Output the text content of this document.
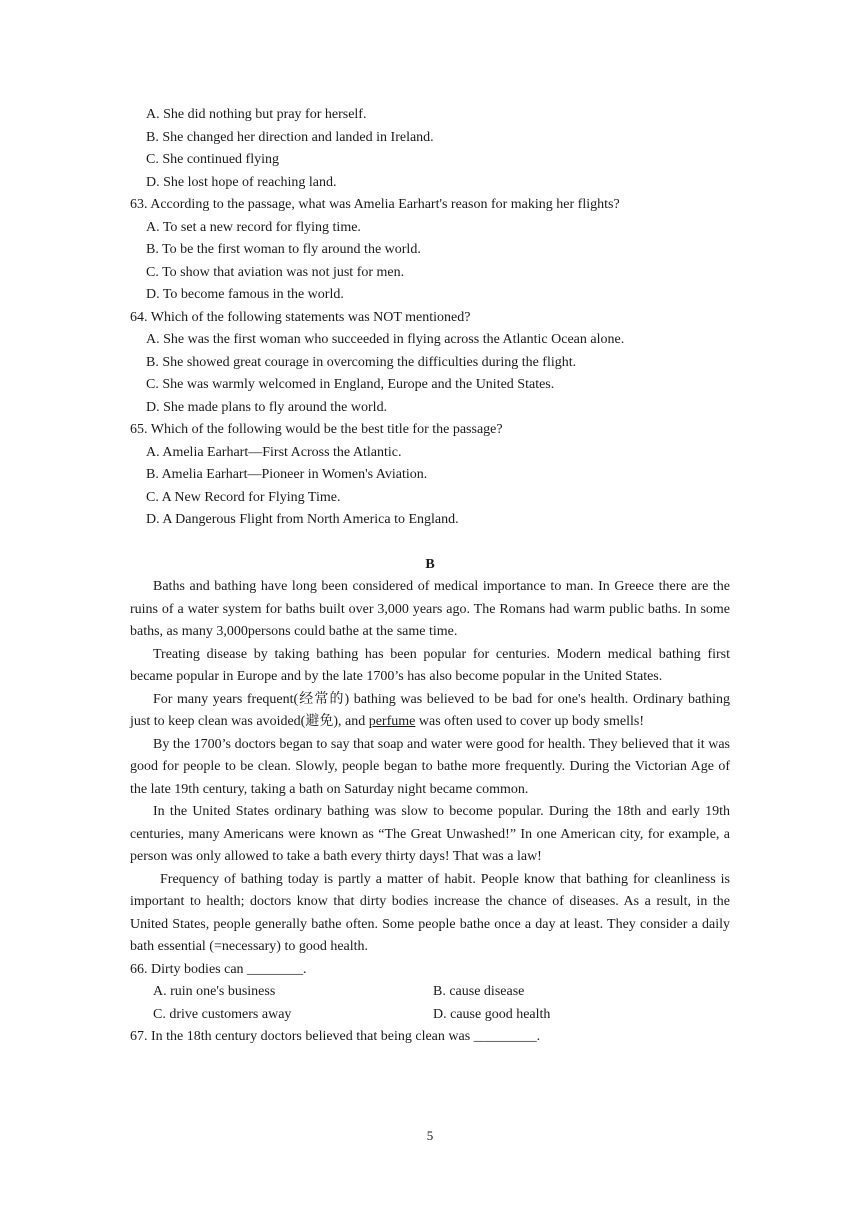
A. She did nothing but pray for herself.
B. She changed her direction and landed in Ireland.
C. She continued flying
D. She lost hope of reaching land.
63. According to the passage, what was Amelia Earhart's reason for making her flights?
A. To set a new record for flying time.
B. To be the first woman to fly around the world.
C. To show that aviation was not just for men.
D. To become famous in the world.
64. Which of the following statements was NOT mentioned?
A. She was the first woman who succeeded in flying across the Atlantic Ocean alone.
B. She showed great courage in overcoming the difficulties during the flight.
C. She was warmly welcomed in England, Europe and the United States.
D. She made plans to fly around the world.
65. Which of the following would be the best title for the passage?
A. Amelia Earhart—First Across the Atlantic.
B. Amelia Earhart—Pioneer in Women's Aviation.
C. A New Record for Flying Time.
D. A Dangerous Flight from North America to England.
B

Baths and bathing have long been considered of medical importance to man. In Greece there are the ruins of a water system for baths built over 3,000 years ago. The Romans had warm public baths. In some baths, as many 3,000persons could bathe at the same time.

Treating disease by taking bathing has been popular for centuries. Modern medical bathing first became popular in Europe and by the late 1700’s has also become popular in the United States.

For many years frequent(经常的) bathing was believed to be bad for one's health. Ordinary bathing just to keep clean was avoided(避免), and perfume was often used to cover up body smells!

By the 1700’s doctors began to say that soap and water were good for health. They believed that it was good for people to be clean. Slowly, people began to bathe more frequently. During the Victorian Age of the late 19th century, taking a bath on Saturday night became common.

In the United States ordinary bathing was slow to become popular. During the 18th and early 19th centuries, many Americans were known as “The Great Unwashed!” In one American city, for example, a person was only allowed to take a bath every thirty days! That was a law!

Frequency of bathing today is partly a matter of habit. People know that bathing for cleanliness is important to health; doctors know that dirty bodies increase the chance of diseases. As a result, in the United States, people generally bathe often. Some people bathe once a day at least. They consider a daily bath essential (=necessary) to good health.

66. Dirty bodies can ________.
A. ruin one's business	B. cause disease
C. drive customers away	D. cause good health
67. In the 18th century doctors believed that being clean was _________.
5
